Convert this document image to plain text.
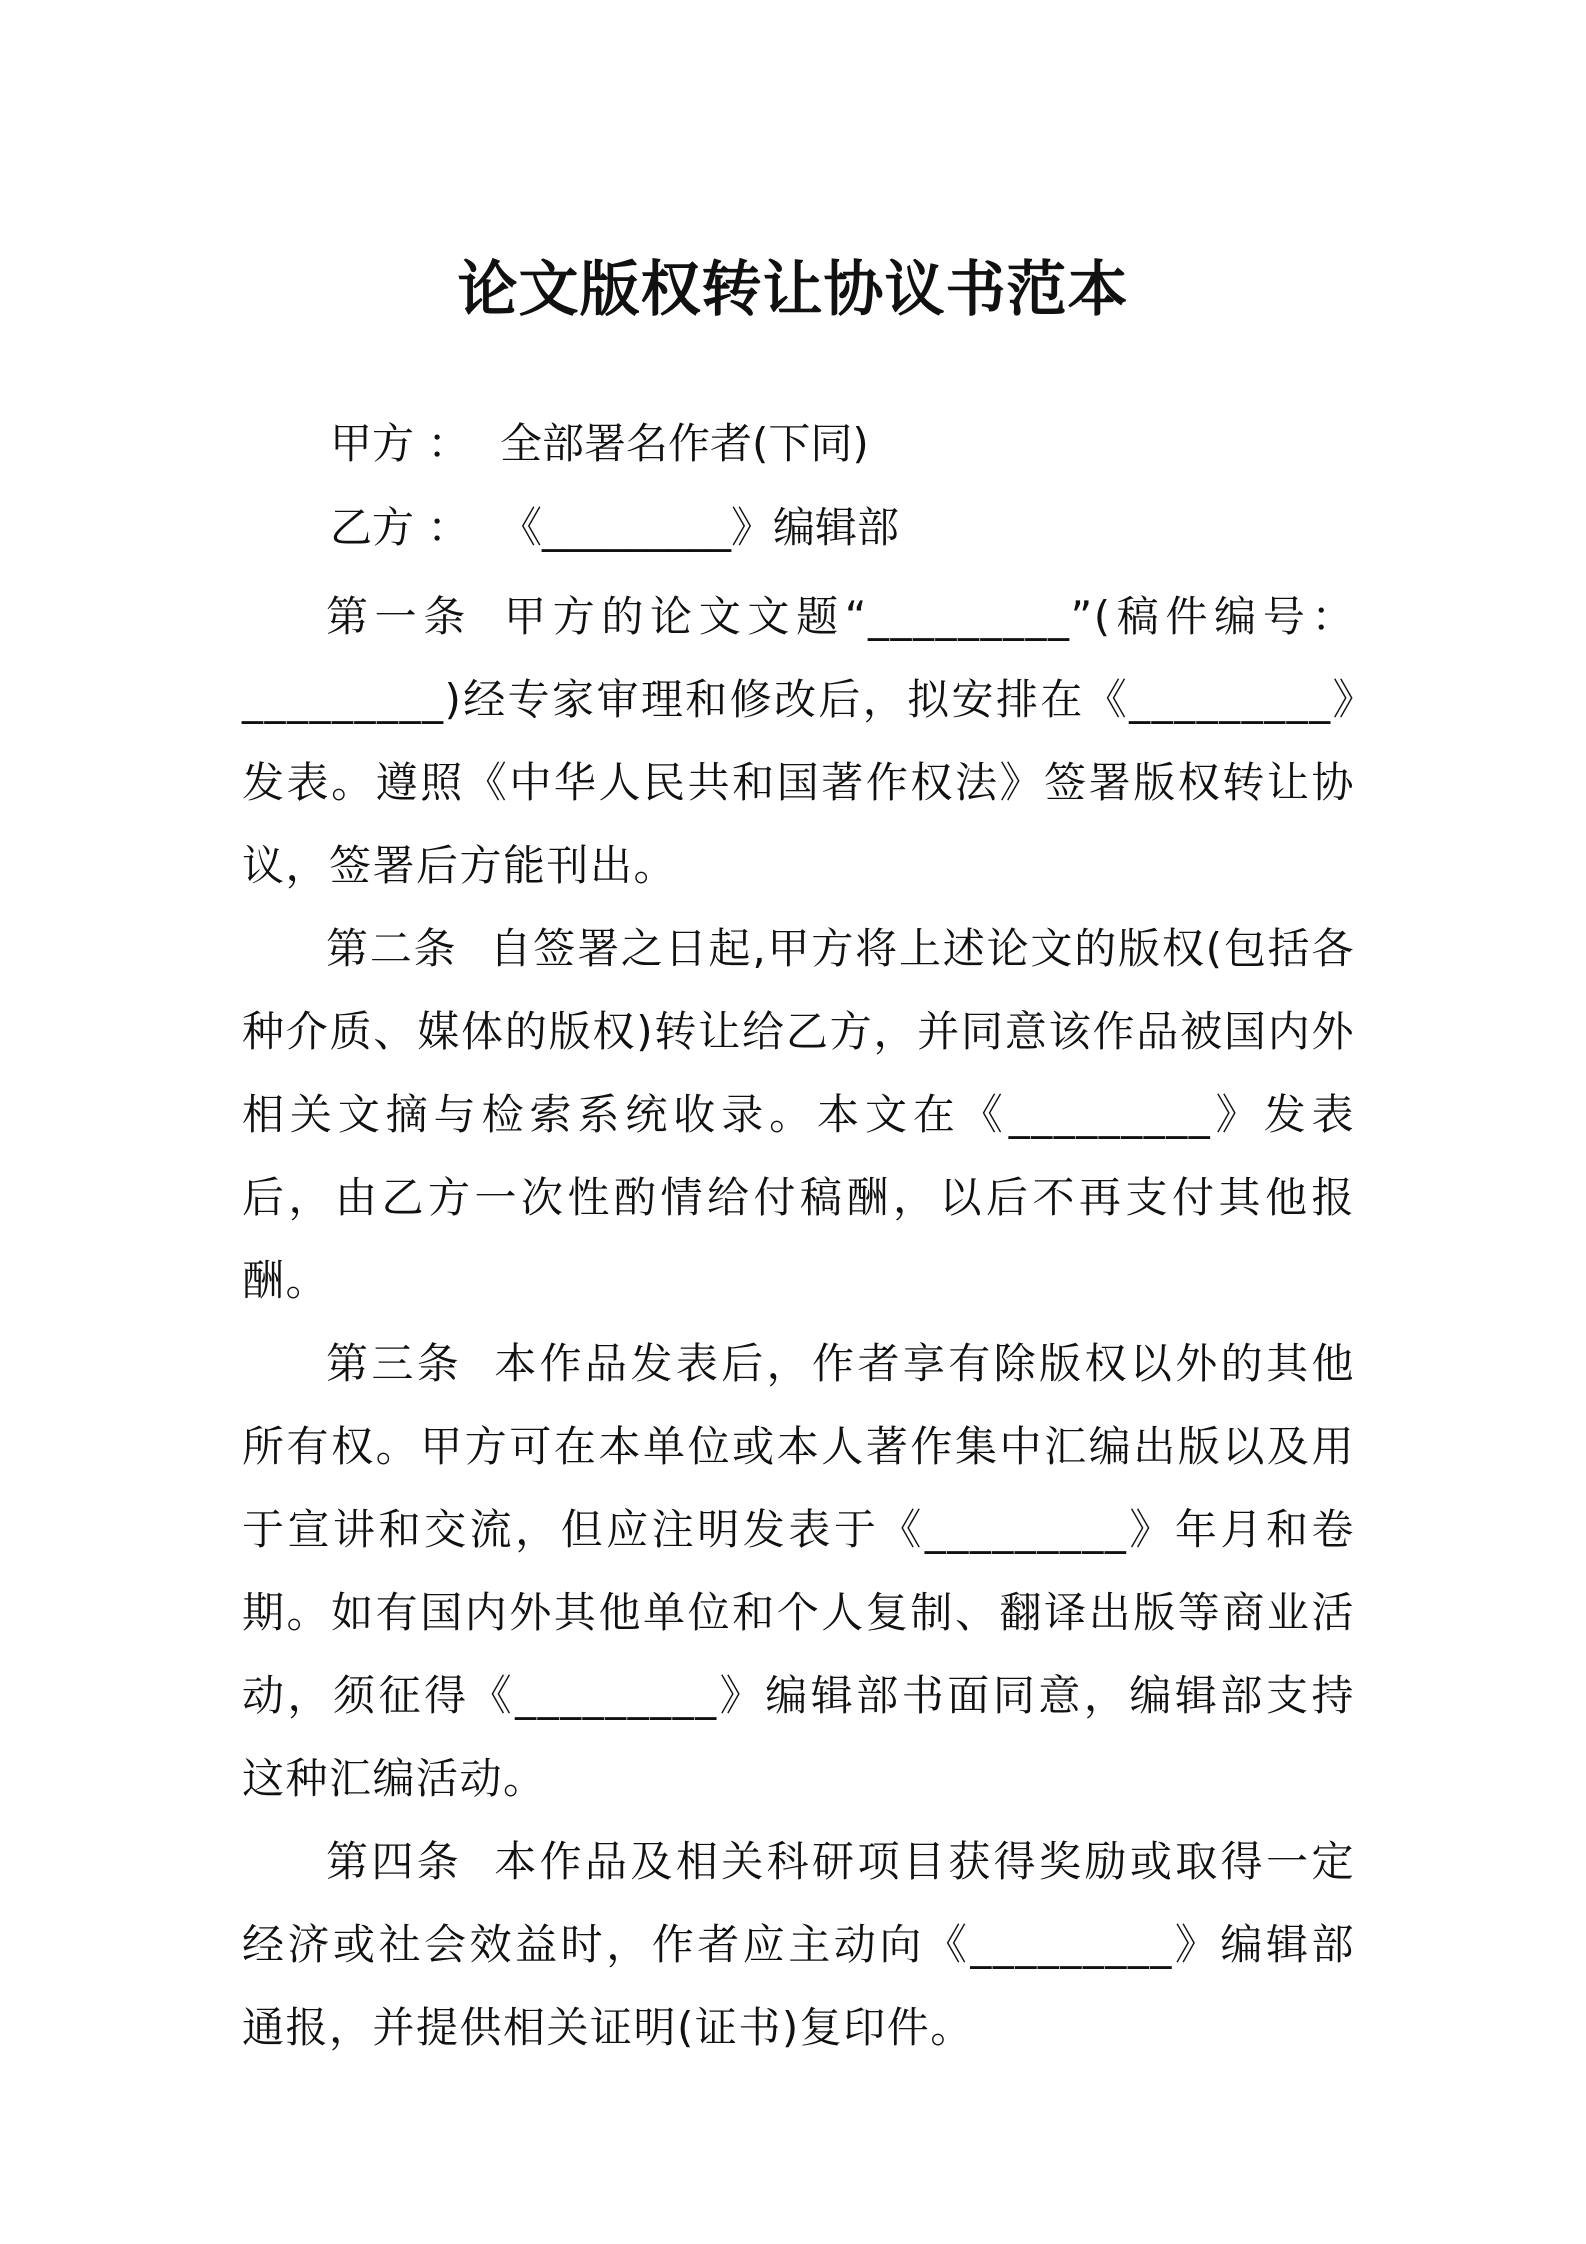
论文版权转让协议书范本
甲方 ： 全部署名作者(下同)
乙方 ： 《_________》编辑部

第一条 甲方的论文文题“_________”(稿件编号：_________)经专家审理和修改后，拟安排在《_________》发表。遵照《中华人民共和国著作权法》签署版权转让协议，签署后方能刊出。

第二条 自签署之日起,甲方将上述论文的版权(包括各种介质、媒体的版权)转让给乙方，并同意该作品被国内外相关文摘与检索系统收录。本文在《_________》发表后，由乙方一次性酌情给付稿酬，以后不再支付其他报酬。

第三条 本作品发表后，作者享有除版权以外的其他所有权。甲方可在本单位或本人著作集中汇编出版以及用于宣讲和交流，但应注明发表于《_________》年月和卷期。如有国内外其他单位和个人复制、翻译出版等商业活动，须征得《_________》编辑部书面同意，编辑部支持这种汇编活动。

第四条 本作品及相关科研项目获得奖励或取得一定经济或社会效益时，作者应主动向《_________》编辑部通报，并提供相关证明(证书)复印件。
